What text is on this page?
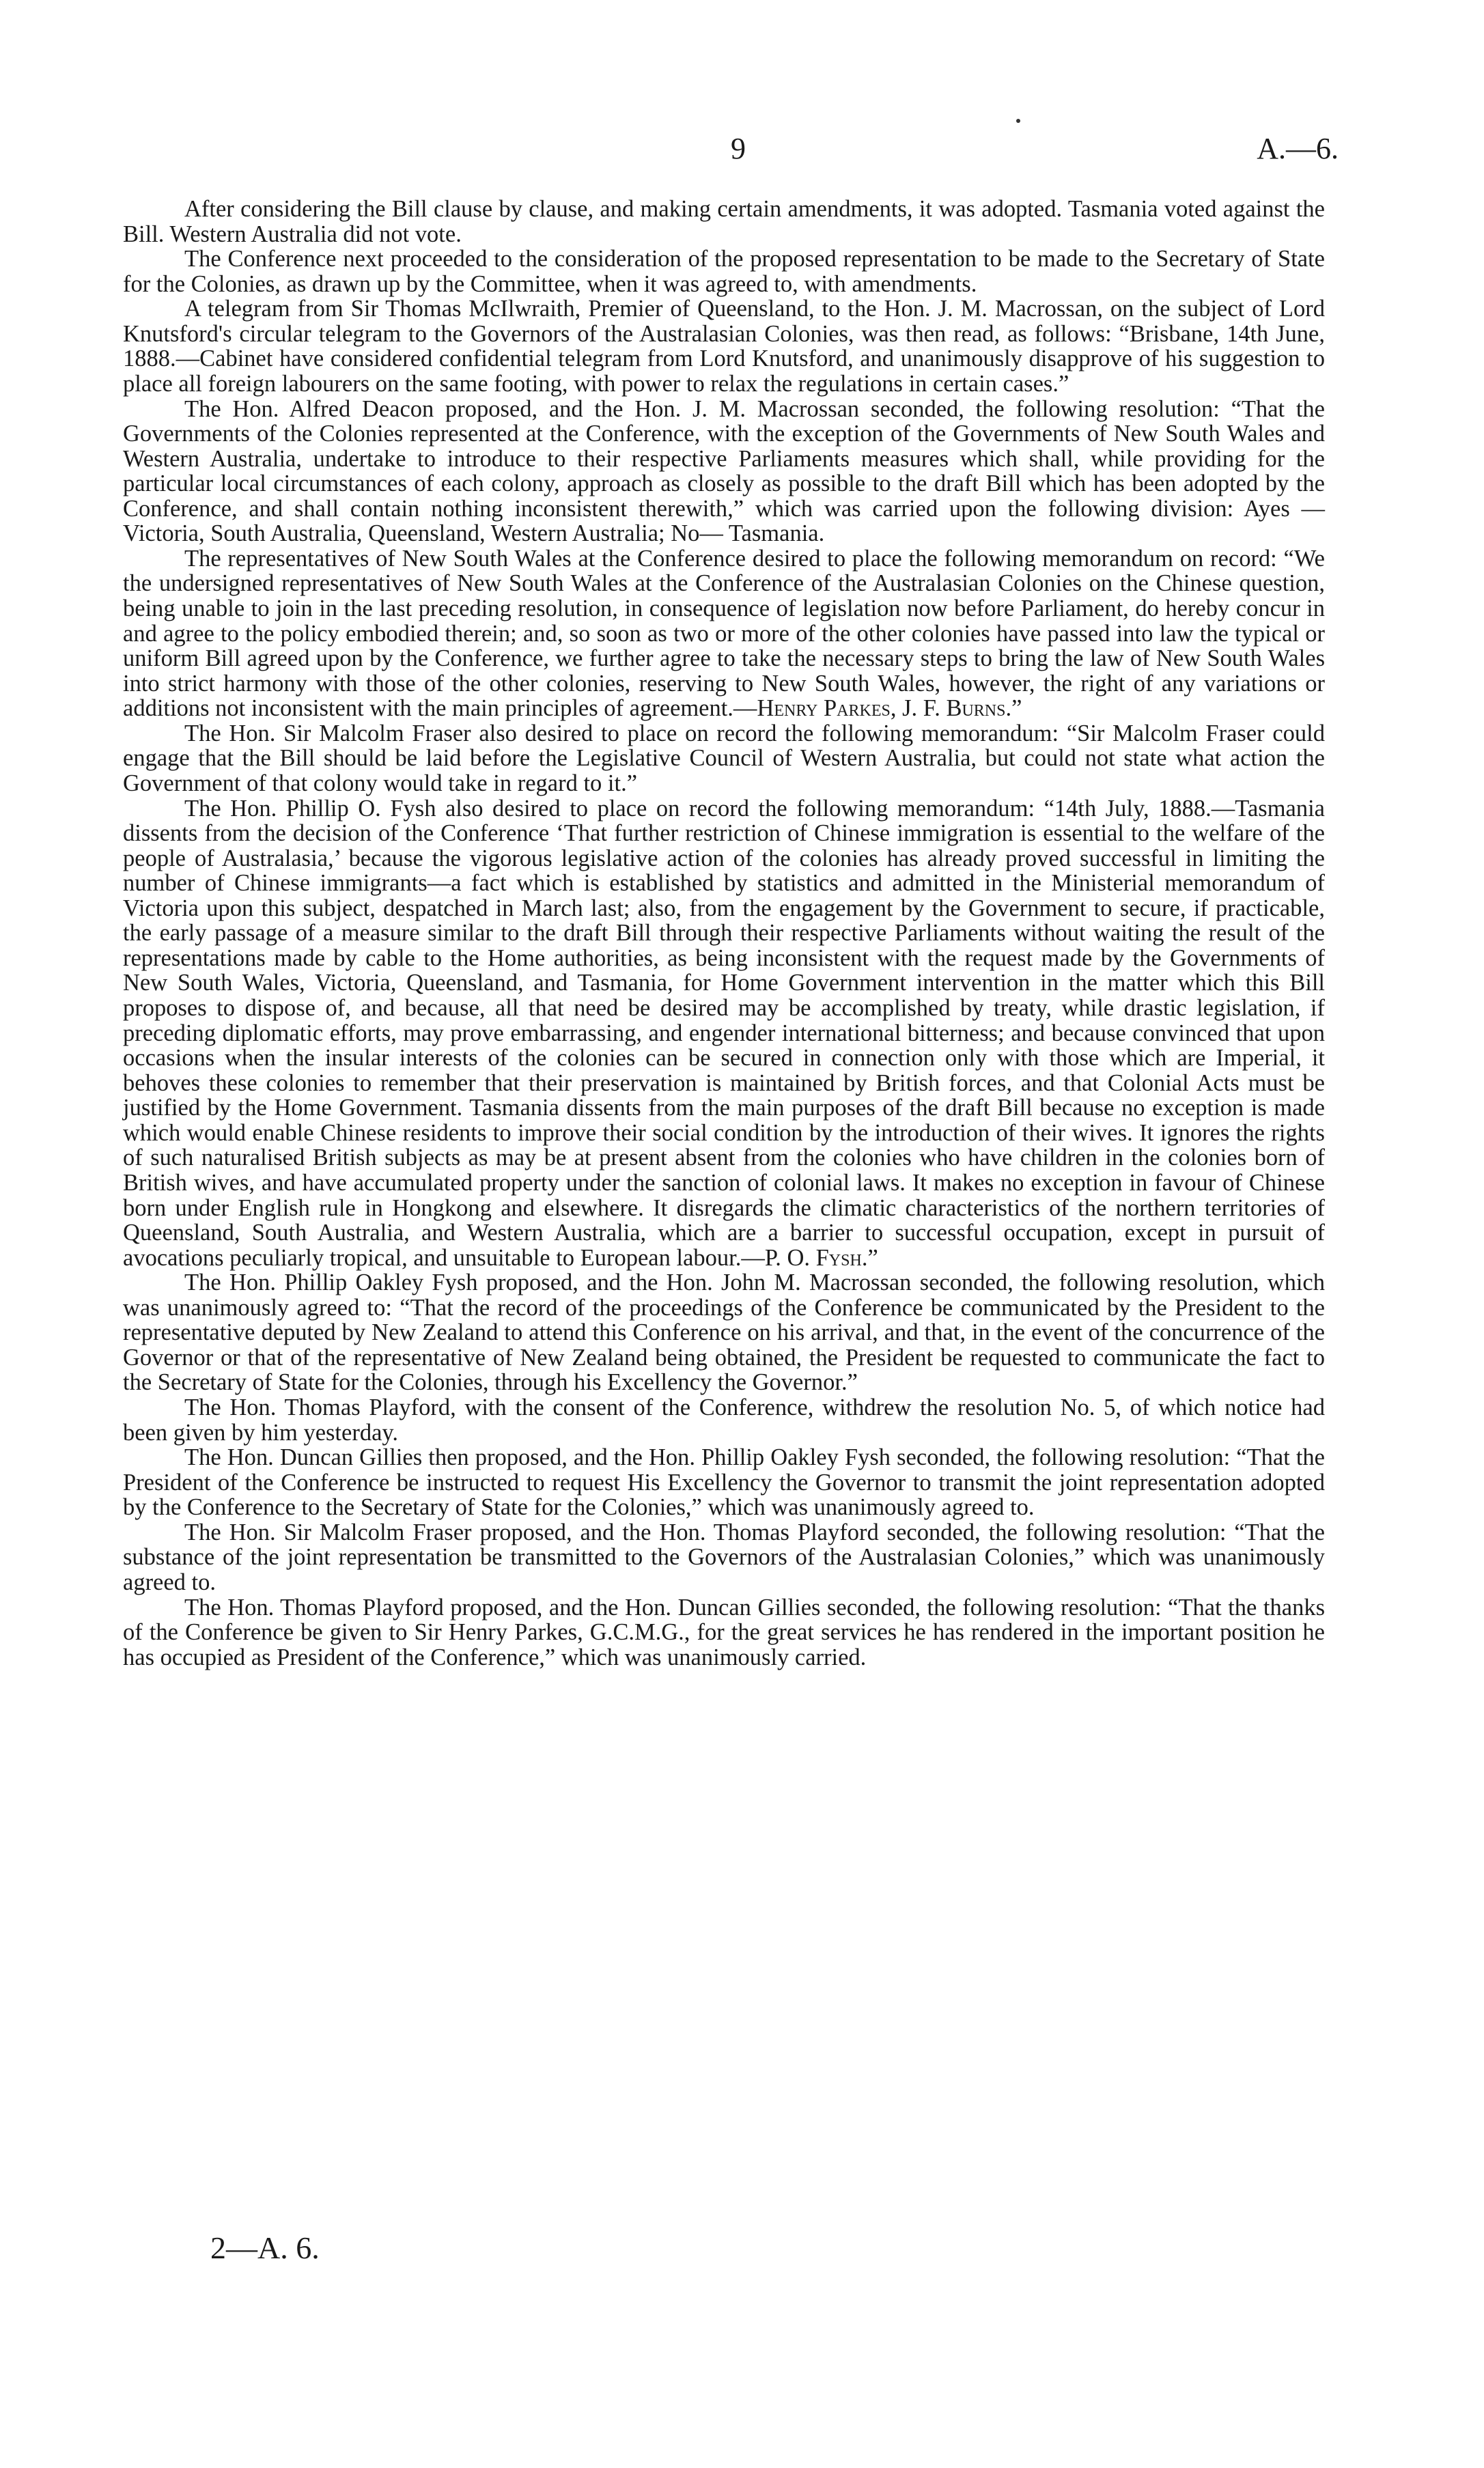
9	A.—6.

After considering the Bill clause by clause, and making certain amendments, it was adopted. Tasmania voted against the Bill. Western Australia did not vote.

The Conference next proceeded to the consideration of the proposed representation to be made to the Secretary of State for the Colonies, as drawn up by the Committee, when it was agreed to, with amendments.

A telegram from Sir Thomas McIlwraith, Premier of Queensland, to the Hon. J. M. Macrossan, on the subject of Lord Knutsford's circular telegram to the Governors of the Australasian Colonies, was then read, as follows: “Brisbane, 14th June, 1888.—Cabinet have considered confidential telegram from Lord Knutsford, and unanimously disapprove of his suggestion to place all foreign labourers on the same footing, with power to relax the regulations in certain cases.”

The Hon. Alfred Deacon proposed, and the Hon. J. M. Macrossan seconded, the following resolution: “That the Governments of the Colonies represented at the Conference, with the exception of the Governments of New South Wales and Western Australia, undertake to introduce to their respective Parliaments measures which shall, while providing for the particular local circumstances of each colony, approach as closely as possible to the draft Bill which has been adopted by the Conference, and shall contain nothing inconsistent therewith,” which was carried upon the following division: Ayes — Victoria, South Australia, Queensland, Western Australia; No— Tasmania.

The representatives of New South Wales at the Conference desired to place the following memorandum on record: “We the undersigned representatives of New South Wales at the Conference of the Australasian Colonies on the Chinese question, being unable to join in the last preceding resolution, in consequence of legislation now before Parliament, do hereby concur in and agree to the policy embodied therein; and, so soon as two or more of the other colonies have passed into law the typical or uniform Bill agreed upon by the Conference, we further agree to take the necessary steps to bring the law of New South Wales into strict harmony with those of the other colonies, reserving to New South Wales, however, the right of any variations or additions not inconsistent with the main principles of agreement.—Henry Parkes, J. F. Burns.”

The Hon. Sir Malcolm Fraser also desired to place on record the following memorandum: “Sir Malcolm Fraser could engage that the Bill should be laid before the Legislative Council of Western Australia, but could not state what action the Government of that colony would take in regard to it.”

The Hon. Phillip O. Fysh also desired to place on record the following memorandum: “14th July, 1888.—Tasmania dissents from the decision of the Conference ‘That further restriction of Chinese immigration is essential to the welfare of the people of Australasia,’ because the vigorous legislative action of the colonies has already proved successful in limiting the number of Chinese immigrants—a fact which is established by statistics and admitted in the Ministerial memorandum of Victoria upon this subject, despatched in March last; also, from the engagement by the Government to secure, if practicable, the early passage of a measure similar to the draft Bill through their respective Parliaments without waiting the result of the representations made by cable to the Home authorities, as being inconsistent with the request made by the Governments of New South Wales, Victoria, Queensland, and Tasmania, for Home Government intervention in the matter which this Bill proposes to dispose of, and because, all that need be desired may be accomplished by treaty, while drastic legislation, if preceding diplomatic efforts, may prove embarrassing, and engender international bitterness; and because convinced that upon occasions when the insular interests of the colonies can be secured in connection only with those which are Imperial, it behoves these colonies to remember that their preservation is maintained by British forces, and that Colonial Acts must be justified by the Home Government. Tasmania dissents from the main purposes of the draft Bill because no exception is made which would enable Chinese residents to improve their social condition by the introduction of their wives. It ignores the rights of such naturalised British subjects as may be at present absent from the colonies who have children in the colonies born of British wives, and have accumulated property under the sanction of colonial laws. It makes no exception in favour of Chinese born under English rule in Hongkong and elsewhere. It disregards the climatic characteristics of the northern territories of Queensland, South Australia, and Western Australia, which are a barrier to successful occupation, except in pursuit of avocations peculiarly tropical, and unsuitable to European labour.—P. O. Fysh.”

The Hon. Phillip Oakley Fysh proposed, and the Hon. John M. Macrossan seconded, the following resolution, which was unanimously agreed to: “That the record of the proceedings of the Conference be communicated by the President to the representative deputed by New Zealand to attend this Conference on his arrival, and that, in the event of the concurrence of the Governor or that of the representative of New Zealand being obtained, the President be requested to communicate the fact to the Secretary of State for the Colonies, through his Excellency the Governor.”

The Hon. Thomas Playford, with the consent of the Conference, withdrew the resolution No. 5, of which notice had been given by him yesterday.

The Hon. Duncan Gillies then proposed, and the Hon. Phillip Oakley Fysh seconded, the following resolution: “That the President of the Conference be instructed to request His Excellency the Governor to transmit the joint representation adopted by the Conference to the Secretary of State for the Colonies,” which was unanimously agreed to.

The Hon. Sir Malcolm Fraser proposed, and the Hon. Thomas Playford seconded, the following resolution: “That the substance of the joint representation be transmitted to the Governors of the Australasian Colonies,” which was unanimously agreed to.

The Hon. Thomas Playford proposed, and the Hon. Duncan Gillies seconded, the following resolution: “That the thanks of the Conference be given to Sir Henry Parkes, G.C.M.G., for the great services he has rendered in the important position he has occupied as President of the Conference,” which was unanimously carried.

2—A. 6.
